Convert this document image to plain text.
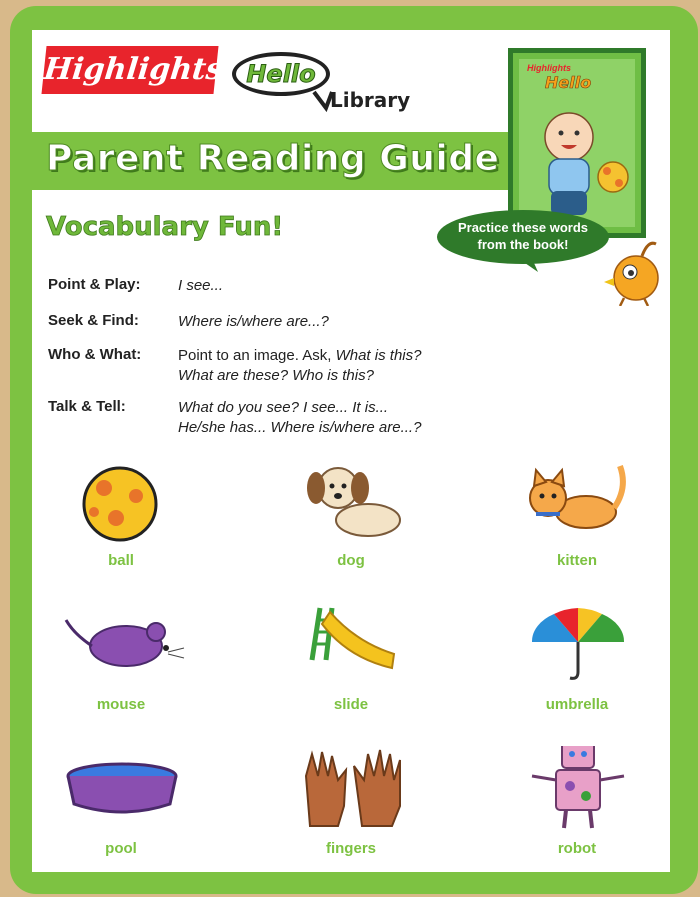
Highlights Hello
Library
Parent Reading Guide
Highlights
Hello
Vocabulary Fun!	Practice these words
from the book!
Point & Play: I see...
Seek & Find:	Where is/where are...?
Who & What: Point to an image. Ask, What is this?
What are these? Who is this?
Talk & Tell:	What do you see? I see... It is...
He/she has... Where is/where are...?
ball	dog	kitten
mouse	slide	umbrella
pool	fingers	robot
